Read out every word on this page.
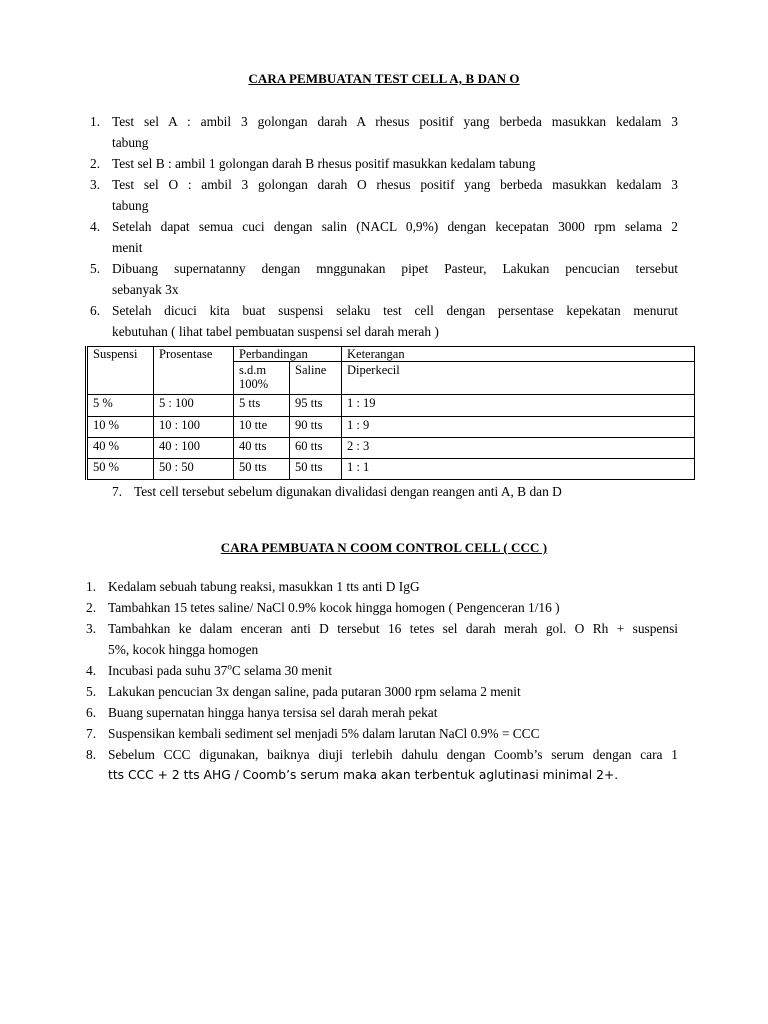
CARA PEMBUATAN TEST CELL A, B DAN O
1. Test sel A : ambil 3 golongan darah A rhesus positif yang berbeda masukkan kedalam 3
tabung
2. Test sel B : ambil 1 golongan darah B rhesus positif masukkan kedalam tabung
3. Test sel O : ambil 3 golongan darah O rhesus positif yang berbeda masukkan kedalam 3
tabung
4. Setelah dapat semua cuci dengan salin (NACL 0,9%) dengan kecepatan 3000 rpm selama 2
menit
5. Dibuang supernatanny dengan mnggunakan pipet Pasteur, Lakukan pencucian tersebut
sebanyak 3x
6. Setelah dicuci kita buat suspensi selaku test cell dengan persentase kepekatan menurut
kebutuhan ( lihat tabel pembuatan suspensi sel darah merah )
Suspensi	Prosentase	Perbandingan		Keterangan
		s.d.m 100%	Saline	Diperkecil
5 %	5 : 100	5 tts	95 tts	1 : 19
10 %	10 : 100	10 tte	90 tts	1 : 9
40 %	40 : 100	40 tts	60 tts	2 : 3
50 %	50 : 50	50 tts	50 tts	1 : 1
7. Test cell tersebut sebelum digunakan divalidasi dengan reangen anti A, B dan D
CARA PEMBUATA N COOM CONTROL CELL ( CCC )
1. Kedalam sebuah tabung reaksi, masukkan 1 tts anti D IgG
2. Tambahkan 15 tetes saline/ NaCl 0.9% kocok hingga homogen ( Pengenceran 1/16 )
3. Tambahkan ke dalam enceran anti D tersebut 16 tetes sel darah merah gol. O Rh + suspensi
5%, kocok hingga homogen
4. Incubasi pada suhu 37$^o$C selama 30 menit
5. Lakukan pencucian 3x dengan saline, pada putaran 3000 rpm selama 2 menit
6. Buang supernatan hingga hanya tersisa sel darah merah pekat
7. Suspensikan kembali sediment sel menjadi 5% dalam larutan NaCl 0.9% = CCC
8. Sebelum CCC digunakan, baiknya diuji terlebih dahulu dengan Coomb’s serum dengan cara 1
tts CCC + 2 tts AHG / Coomb’s serum maka akan terbentuk aglutinasi minimal 2+.
